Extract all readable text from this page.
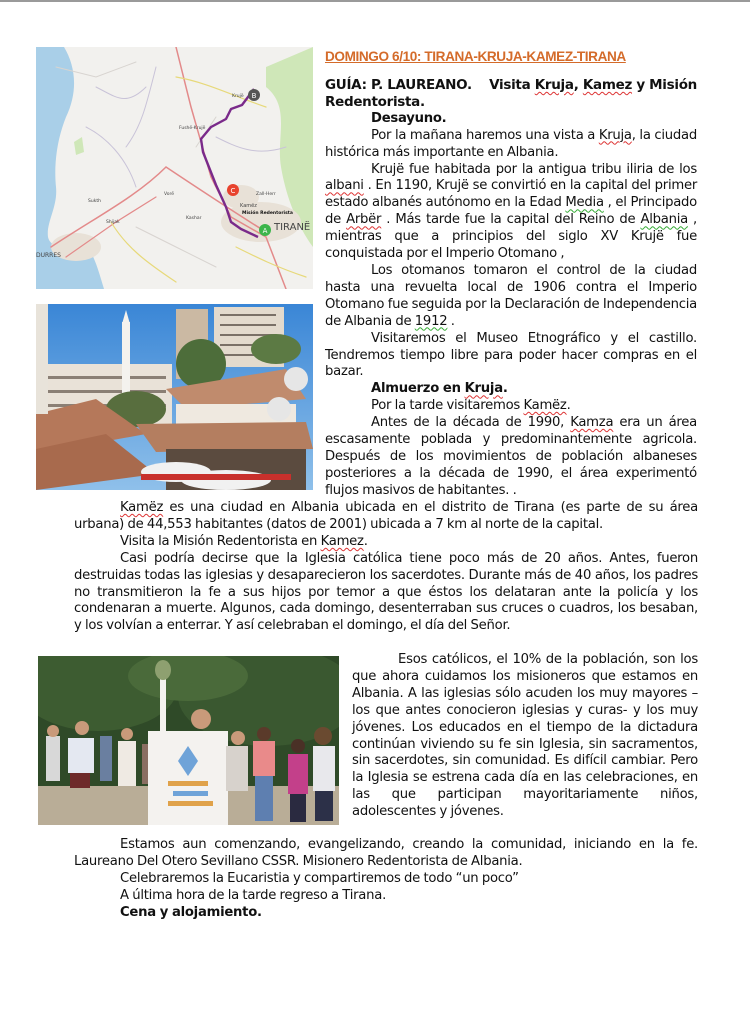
DOMINGO 6/10: TIRANA-KRUJA-KAMEZ-TIRANA

GUÍA: P. LAUREANO. Visita Kruja, Kamez y Misión Redentorista.

Desayuno.

Por la mañana haremos una vista a Kruja, la ciudad histórica más importante en Albania.

Krujë fue habitada por la antigua tribu iliria de los albani . En 1190, Krujë se convirtió en la capital del primer estado albanés autónomo en la Edad Media , el Principado de Arbër . Más tarde fue la capital del Reino de Albania , mientras que a principios del siglo XV Krujë fue conquistada por el Imperio Otomano ,

Los otomanos tomaron el control de la ciudad hasta una revuelta local de 1906 contra el Imperio Otomano fue seguida por la Declaración de Independencia de Albania de 1912 .

Visitaremos el Museo Etnográfico y el castillo. Tendremos tiempo libre para poder hacer compras en el bazar.

Almuerzo en Kruja.

Por la tarde visitaremos Kamëz.

Antes de la década de 1990, Kamza era un área escasamente poblada y predominantemente agricola. Después de los movimientos de población albaneses posteriores a la década de 1990, el área experimentó flujos masivos de habitantes. .

Kamëz es una ciudad en Albania ubicada en el distrito de Tirana (es parte de su área urbana) de 44,553 habitantes (datos de 2001) ubicada a 7 km al norte de la capital.

Visita la Misión Redentorista en Kamez.

Casi podría decirse que la Iglesia católica tiene poco más de 20 años. Antes, fueron destruidas todas las iglesias y desaparecieron los sacerdotes. Durante más de 40 años, los padres no transmitieron la fe a sus hijos por temor a que éstos los delataran ante la policía y los condenaran a muerte. Algunos, cada domingo, desenterraban sus cruces o cuadros, los besaban, y los volvían a enterrar. Y así celebraban el domingo, el día del Señor.

Esos católicos, el 10% de la población, son los que ahora cuidamos los misioneros que estamos en Albania. A las iglesias sólo acuden los muy mayores –los que antes conocieron iglesias y curas- y los muy jóvenes. Los educados en el tiempo de la dictadura continúan viviendo su fe sin Iglesia, sin sacramentos, sin sacerdotes, sin comunidad. Es difícil cambiar. Pero la Iglesia se estrena cada día en las celebraciones, en las que participan mayoritariamente niños, adolescentes y jóvenes.

Estamos aun comenzando, evangelizando, creando la comunidad, iniciando en la fe. Laureano Del Otero Sevillano CSSR. Misionero Redentorista de Albania.

Celebraremos la Eucaristia y compartiremos de todo “un poco”

A última hora de la tarde regreso a Tirana.

Cena y alojamiento.

B
C
A TIRANË
Kamëz
Misión Redentorista
Krujë
DURRES
Zall-Herr
Shijak
Sukth
Vorë
Kashar
Fushë-Krujë
